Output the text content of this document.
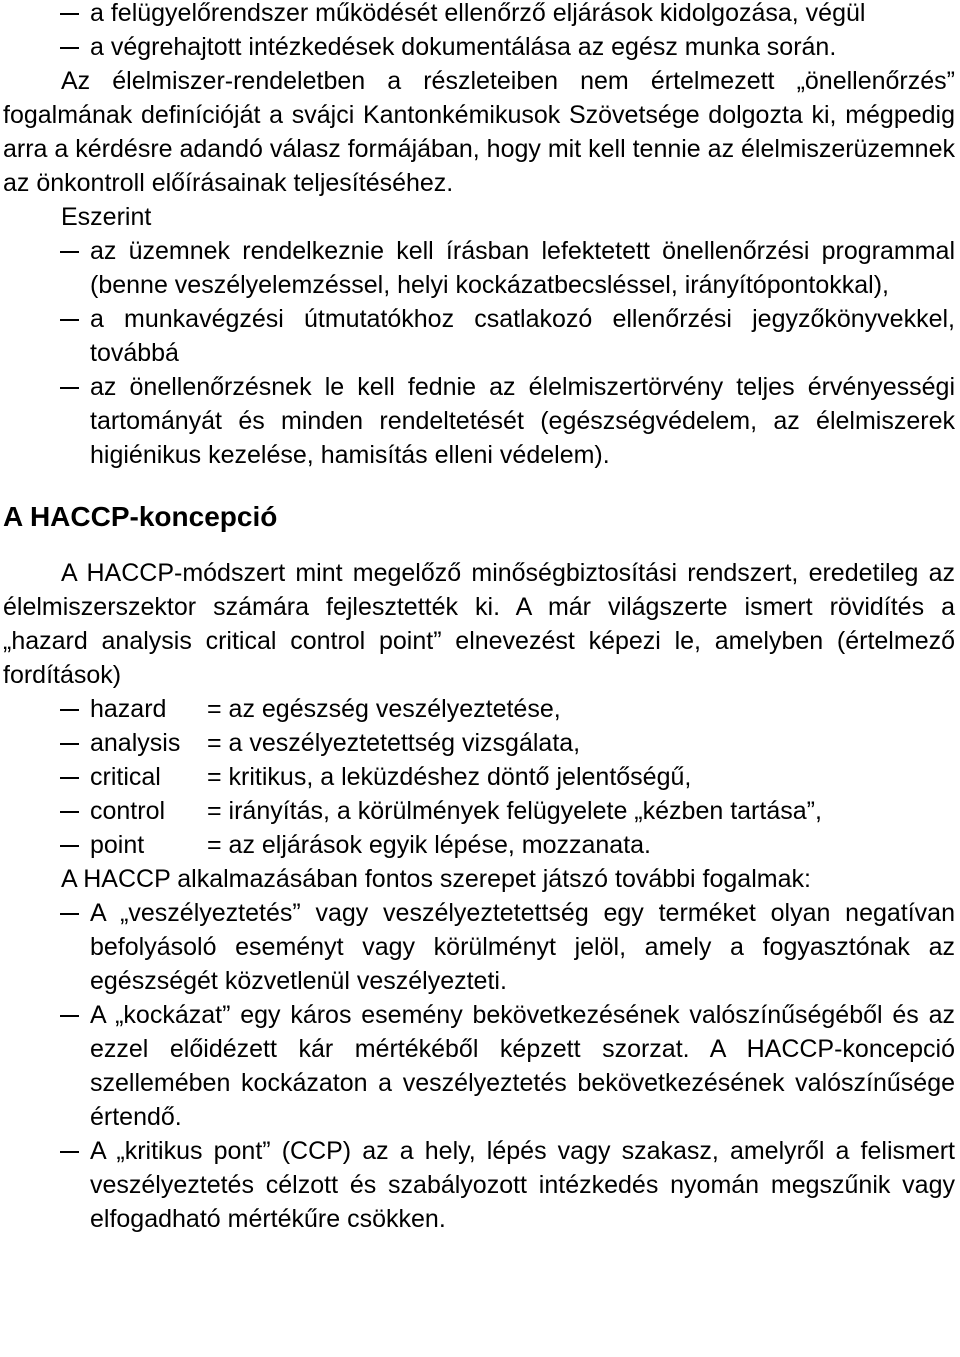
a felügyelőrendszer működését ellenőrző eljárások kidolgozása, végül
a végrehajtott intézkedések dokumentálása az egész munka során.
Az élelmiszer-rendeletben a részleteiben nem értelmezett „önellenőrzés” fogalmának definícióját a svájci Kantonkémikusok Szövetsége dolgozta ki, mégpedig arra a kérdésre adandó válasz formájában, hogy mit kell tennie az élelmiszerüzemnek az önkontroll előírásainak teljesítéséhez.
Eszerint
az üzemnek rendelkeznie kell írásban lefektetett önellenőrzési programmal (benne veszélyelemzéssel, helyi kockázatbecsléssel, irányítópontokkal),
a munkavégzési útmutatókhoz csatlakozó ellenőrzési jegyzőkönyvekkel, továbbá
az önellenőrzésnek le kell fednie az élelmiszertörvény teljes érvényességi tartományát és minden rendeltetését (egészségvédelem, az élelmiszerek higiénikus kezelése, hamisítás elleni védelem).
A HACCP-koncepció
A HACCP-módszert mint megelőző minőségbiztosítási rendszert, eredetileg az élelmiszerszektor számára fejlesztették ki. A már világszerte ismert rövidítés a „hazard analysis critical control point” elnevezést képezi le, amelyben (értelmező fordítások)
hazard = az egészség veszélyeztetése,
analysis = a veszélyeztetettség vizsgálata,
critical = kritikus, a leküzdéshez döntő jelentőségű,
control = irányítás, a körülmények felügyelete „kézben tartása”,
point	= az eljárások egyik lépése, mozzanata.
A HACCP alkalmazásában fontos szerepet játszó további fogalmak:
A „veszélyeztetés” vagy veszélyeztetettség egy terméket olyan negatívan befolyásoló eseményt vagy körülményt jelöl, amely a fogyasztónak az egészségét közvetlenül veszélyezteti.
A „kockázat” egy káros esemény bekövetkezésének valószínűségéből és az ezzel előidézett kár mértékéből képzett szorzat. A HACCP-koncepció szellemében kockázaton a veszélyeztetés bekövetkezésének valószínűsége értendő.
A „kritikus pont” (CCP) az a hely, lépés vagy szakasz, amelyről a felismert veszélyeztetés célzott és szabályozott intézkedés nyomán megszűnik vagy elfogadható mértékűre csökken.
